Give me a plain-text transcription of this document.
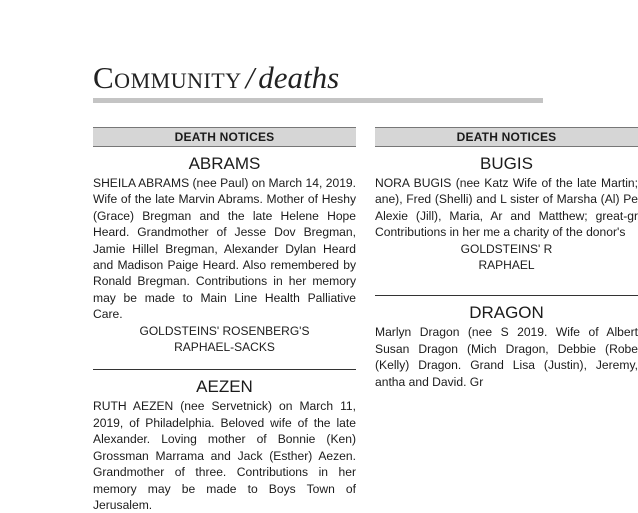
Community / deaths
DEATH NOTICES
ABRAMS

SHEILA ABRAMS (nee Paul) on March 14, 2019. Wife of the late Marvin Abrams. Mother of Heshy (Grace) Bregman and the late Helene Hope Heard. Grandmother of Jesse Dov Bregman, Jamie Hillel Bregman, Alexander Dylan Heard and Madison Paige Heard. Also remembered by Ronald Bregman. Contributions in her memory may be made to Main Line Health Palliative Care.

GOLDSTEINS' ROSENBERG'S
RAPHAEL-SACKS
AEZEN

RUTH AEZEN (nee Servetnick) on March 11, 2019, of Philadelphia. Beloved wife of the late Alexander. Loving mother of Bonnie (Ken) Grossman Marrama and Jack (Esther) Aezen. Grandmother of three. Contributions in her memory may be made to Boys Town of Jerusalem.

DEATH NOTICES
BUGIS

NORA BUGIS (nee Katz Wife of the late Martin; ane), Fred (Shelli) and L sister of Marsha (Al) Pe Alexie (Jill), Maria, Ar and Matthew; great-gr Contributions in her me a charity of the donor's

GOLDSTEINS' R
RAPHAEL
DRAGON

Marlyn Dragon (nee S 2019. Wife of Albert Susan Dragon (Mich Dragon, Debbie (Robe (Kelly) Dragon. Grand Lisa (Justin), Jeremy, antha and David. Gr
